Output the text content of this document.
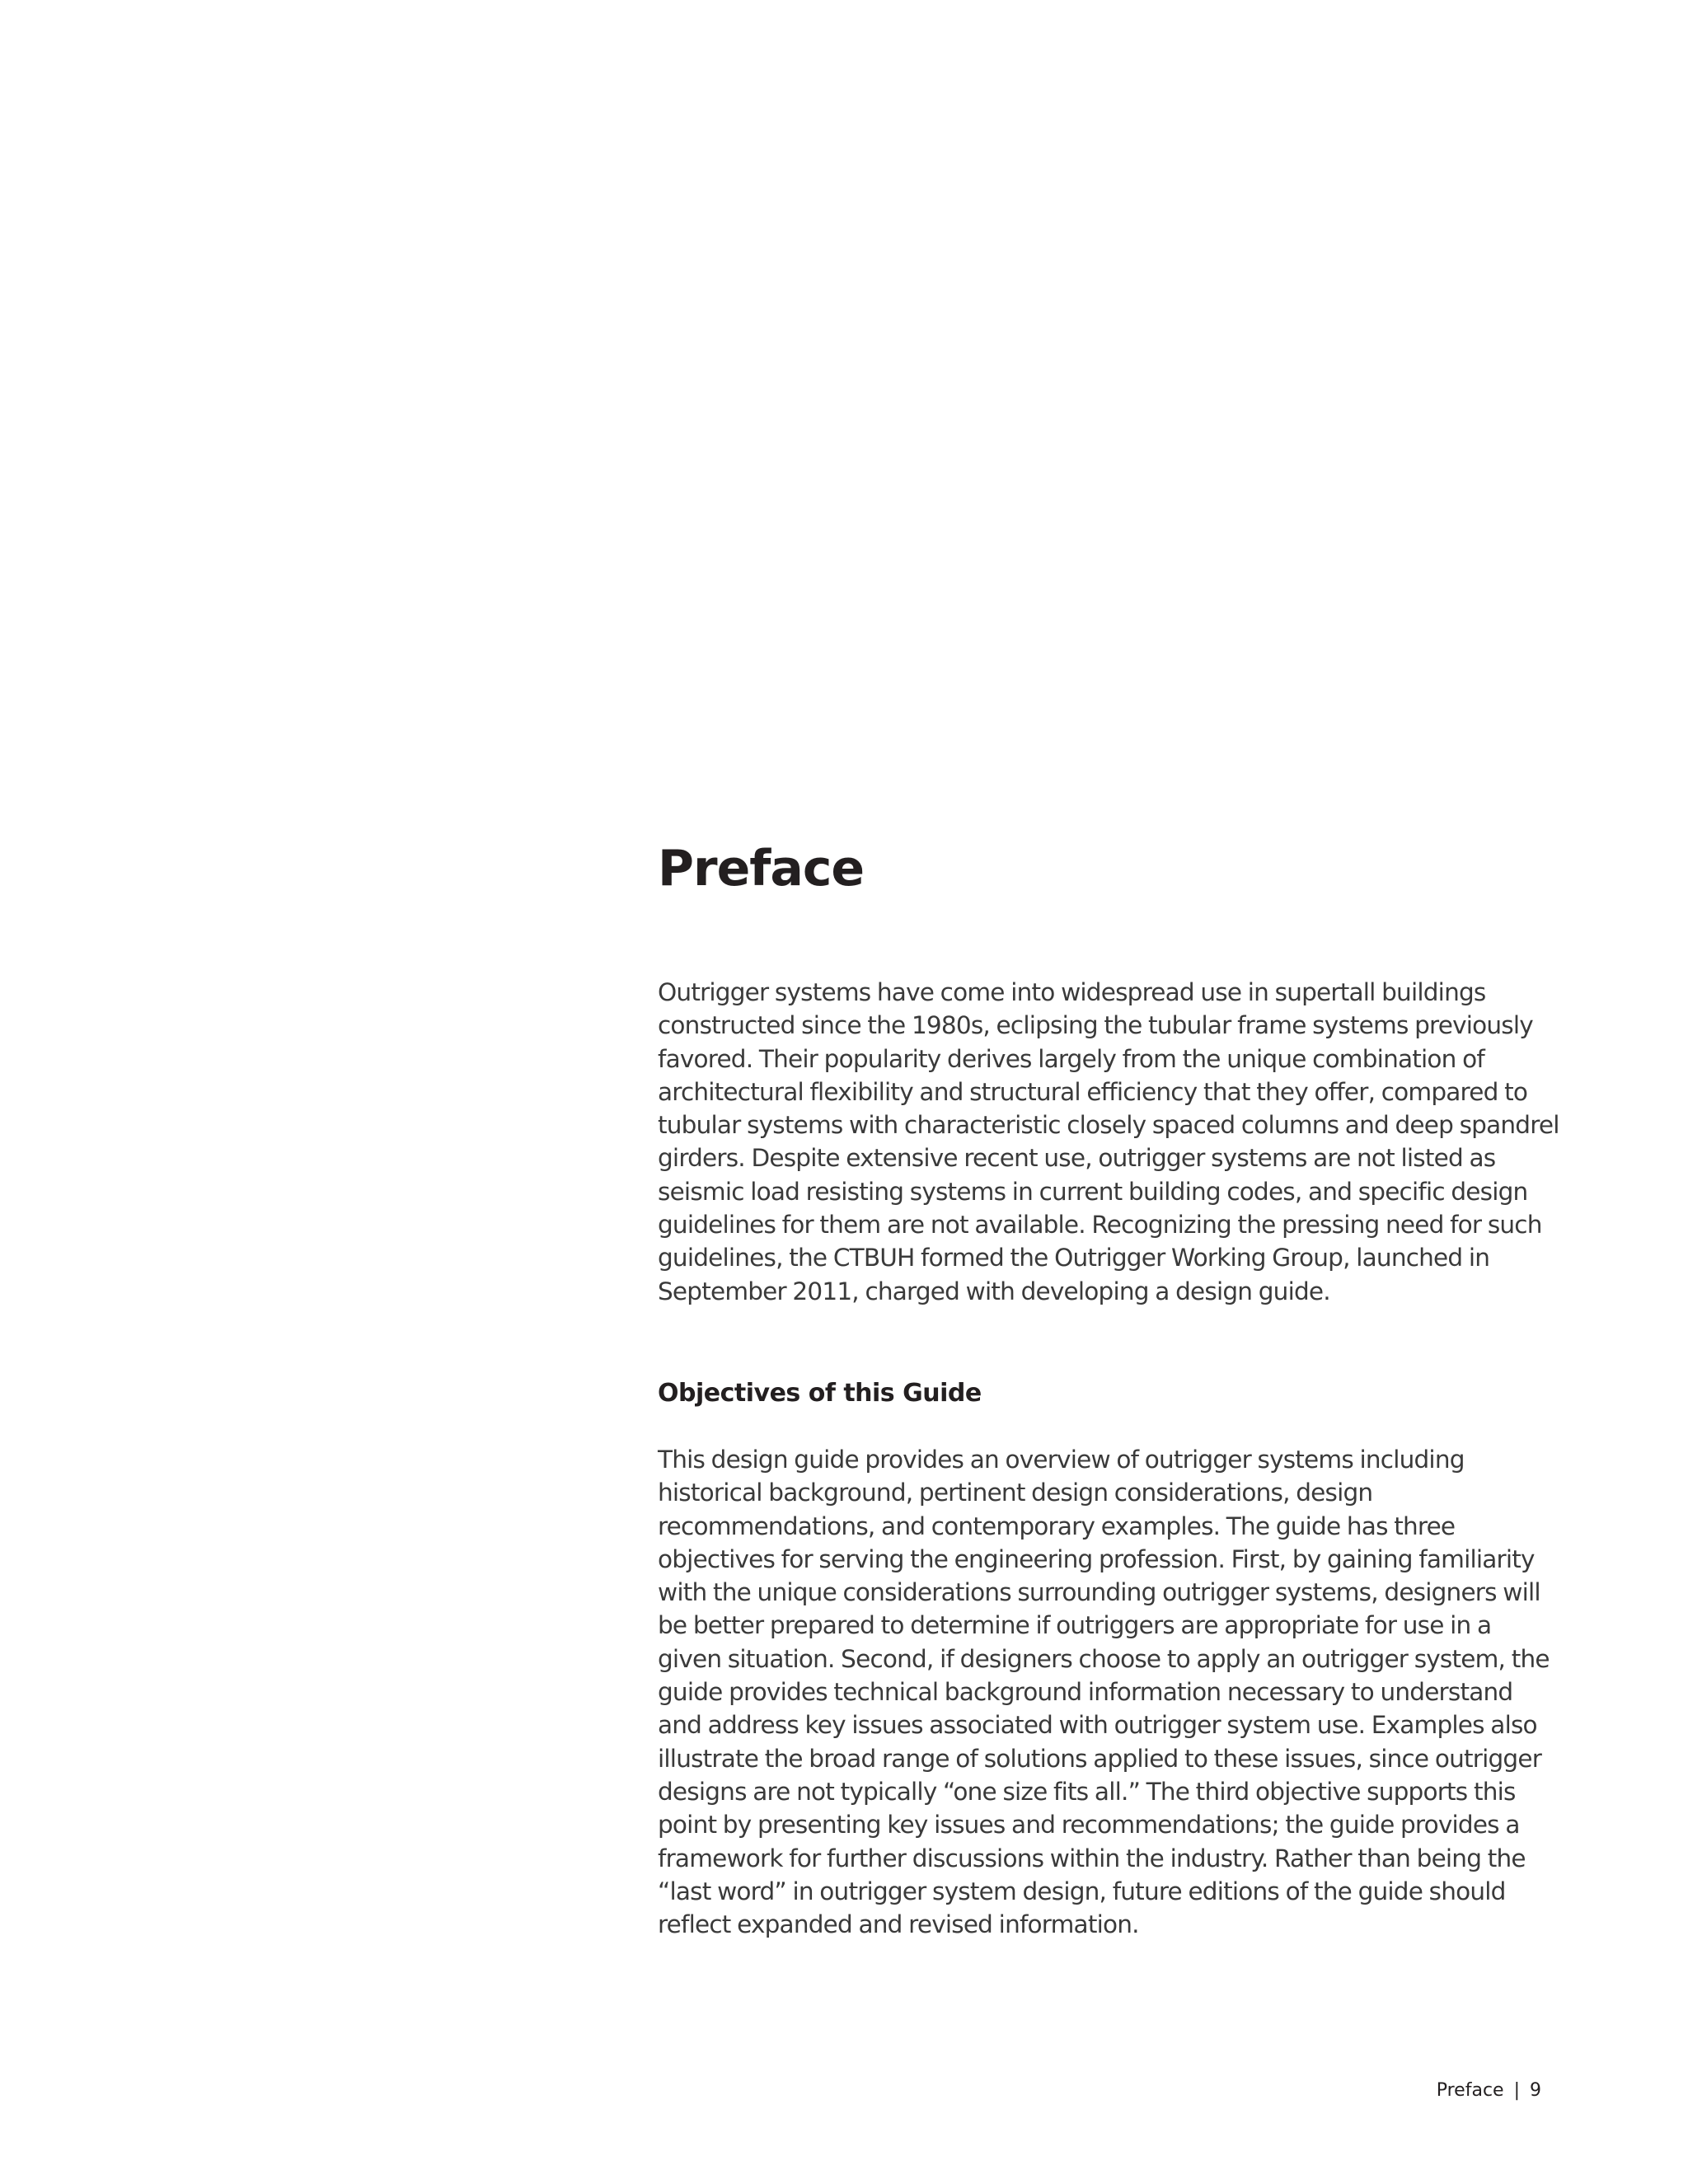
Preface

Outrigger systems have come into widespread use in supertall buildings constructed since the 1980s, eclipsing the tubular frame systems previously favored. Their popularity derives largely from the unique combination of architectural flexibility and structural efficiency that they offer, compared to tubular systems with characteristic closely spaced columns and deep spandrel girders. Despite extensive recent use, outrigger systems are not listed as seismic load resisting systems in current building codes, and specific design guidelines for them are not available. Recognizing the pressing need for such guidelines, the CTBUH formed the Outrigger Working Group, launched in September 2011, charged with developing a design guide.

Objectives of this Guide

This design guide provides an overview of outrigger systems including historical background, pertinent design considerations, design recommendations, and contemporary examples. The guide has three objectives for serving the engineering profession. First, by gaining familiarity with the unique considerations surrounding outrigger systems, designers will be better prepared to determine if outriggers are appropriate for use in a given situation. Second, if designers choose to apply an outrigger system, the guide provides technical background information necessary to understand and address key issues associated with outrigger system use. Examples also illustrate the broad range of solutions applied to these issues, since outrigger designs are not typically “one size fits all.” The third objective supports this point by presenting key issues and recommendations; the guide provides a framework for further discussions within the industry. Rather than being the “last word” in outrigger system design, future editions of the guide should reflect expanded and revised information.

Preface | 9
